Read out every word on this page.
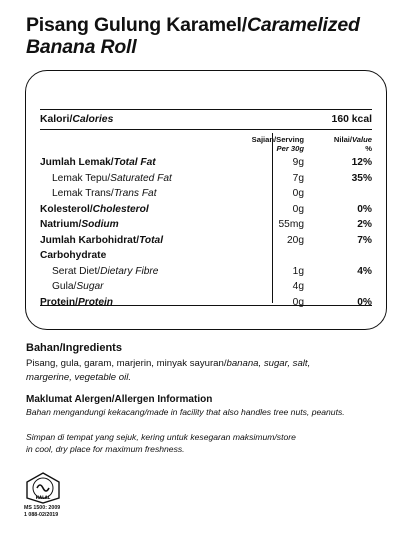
Pisang Gulung Karamel/Caramelized
Banana Roll
Kalori/Calories	160 kcal
Sajian/Serving
Per 30g
Nilai/Value
%
Jumlah Lemak/Total Fat	9g	12%
Lemak Tepu/Saturated Fat	7g	35%
Lemak Trans/Trans Fat	0g
Kolesterol/Cholesterol	0g	0%
Natrium/Sodium	55mg	2%
Jumlah Karbohidrat/Total	20g	7%
Carbohydrate
Serat Diet/Dietary Fibre	1g	4%
Gula/Sugar	4g
Protein/Protein	0g	0%
Bahan/Ingredients
Pisang, gula, garam, marjerin, minyak sayuran/banana, sugar, salt,
margerine, vegetable oil.
Maklumat Alergen/Allergen Information
Bahan mengandungi kekacang/made in facility that also handles tree nuts, peanuts.
Simpan di tempat yang sejuk, kering untuk kesegaran maksimum/store
in cool, dry place for maximum freshness.
HALAL
MS 1500: 2009
1 088-02/2019
